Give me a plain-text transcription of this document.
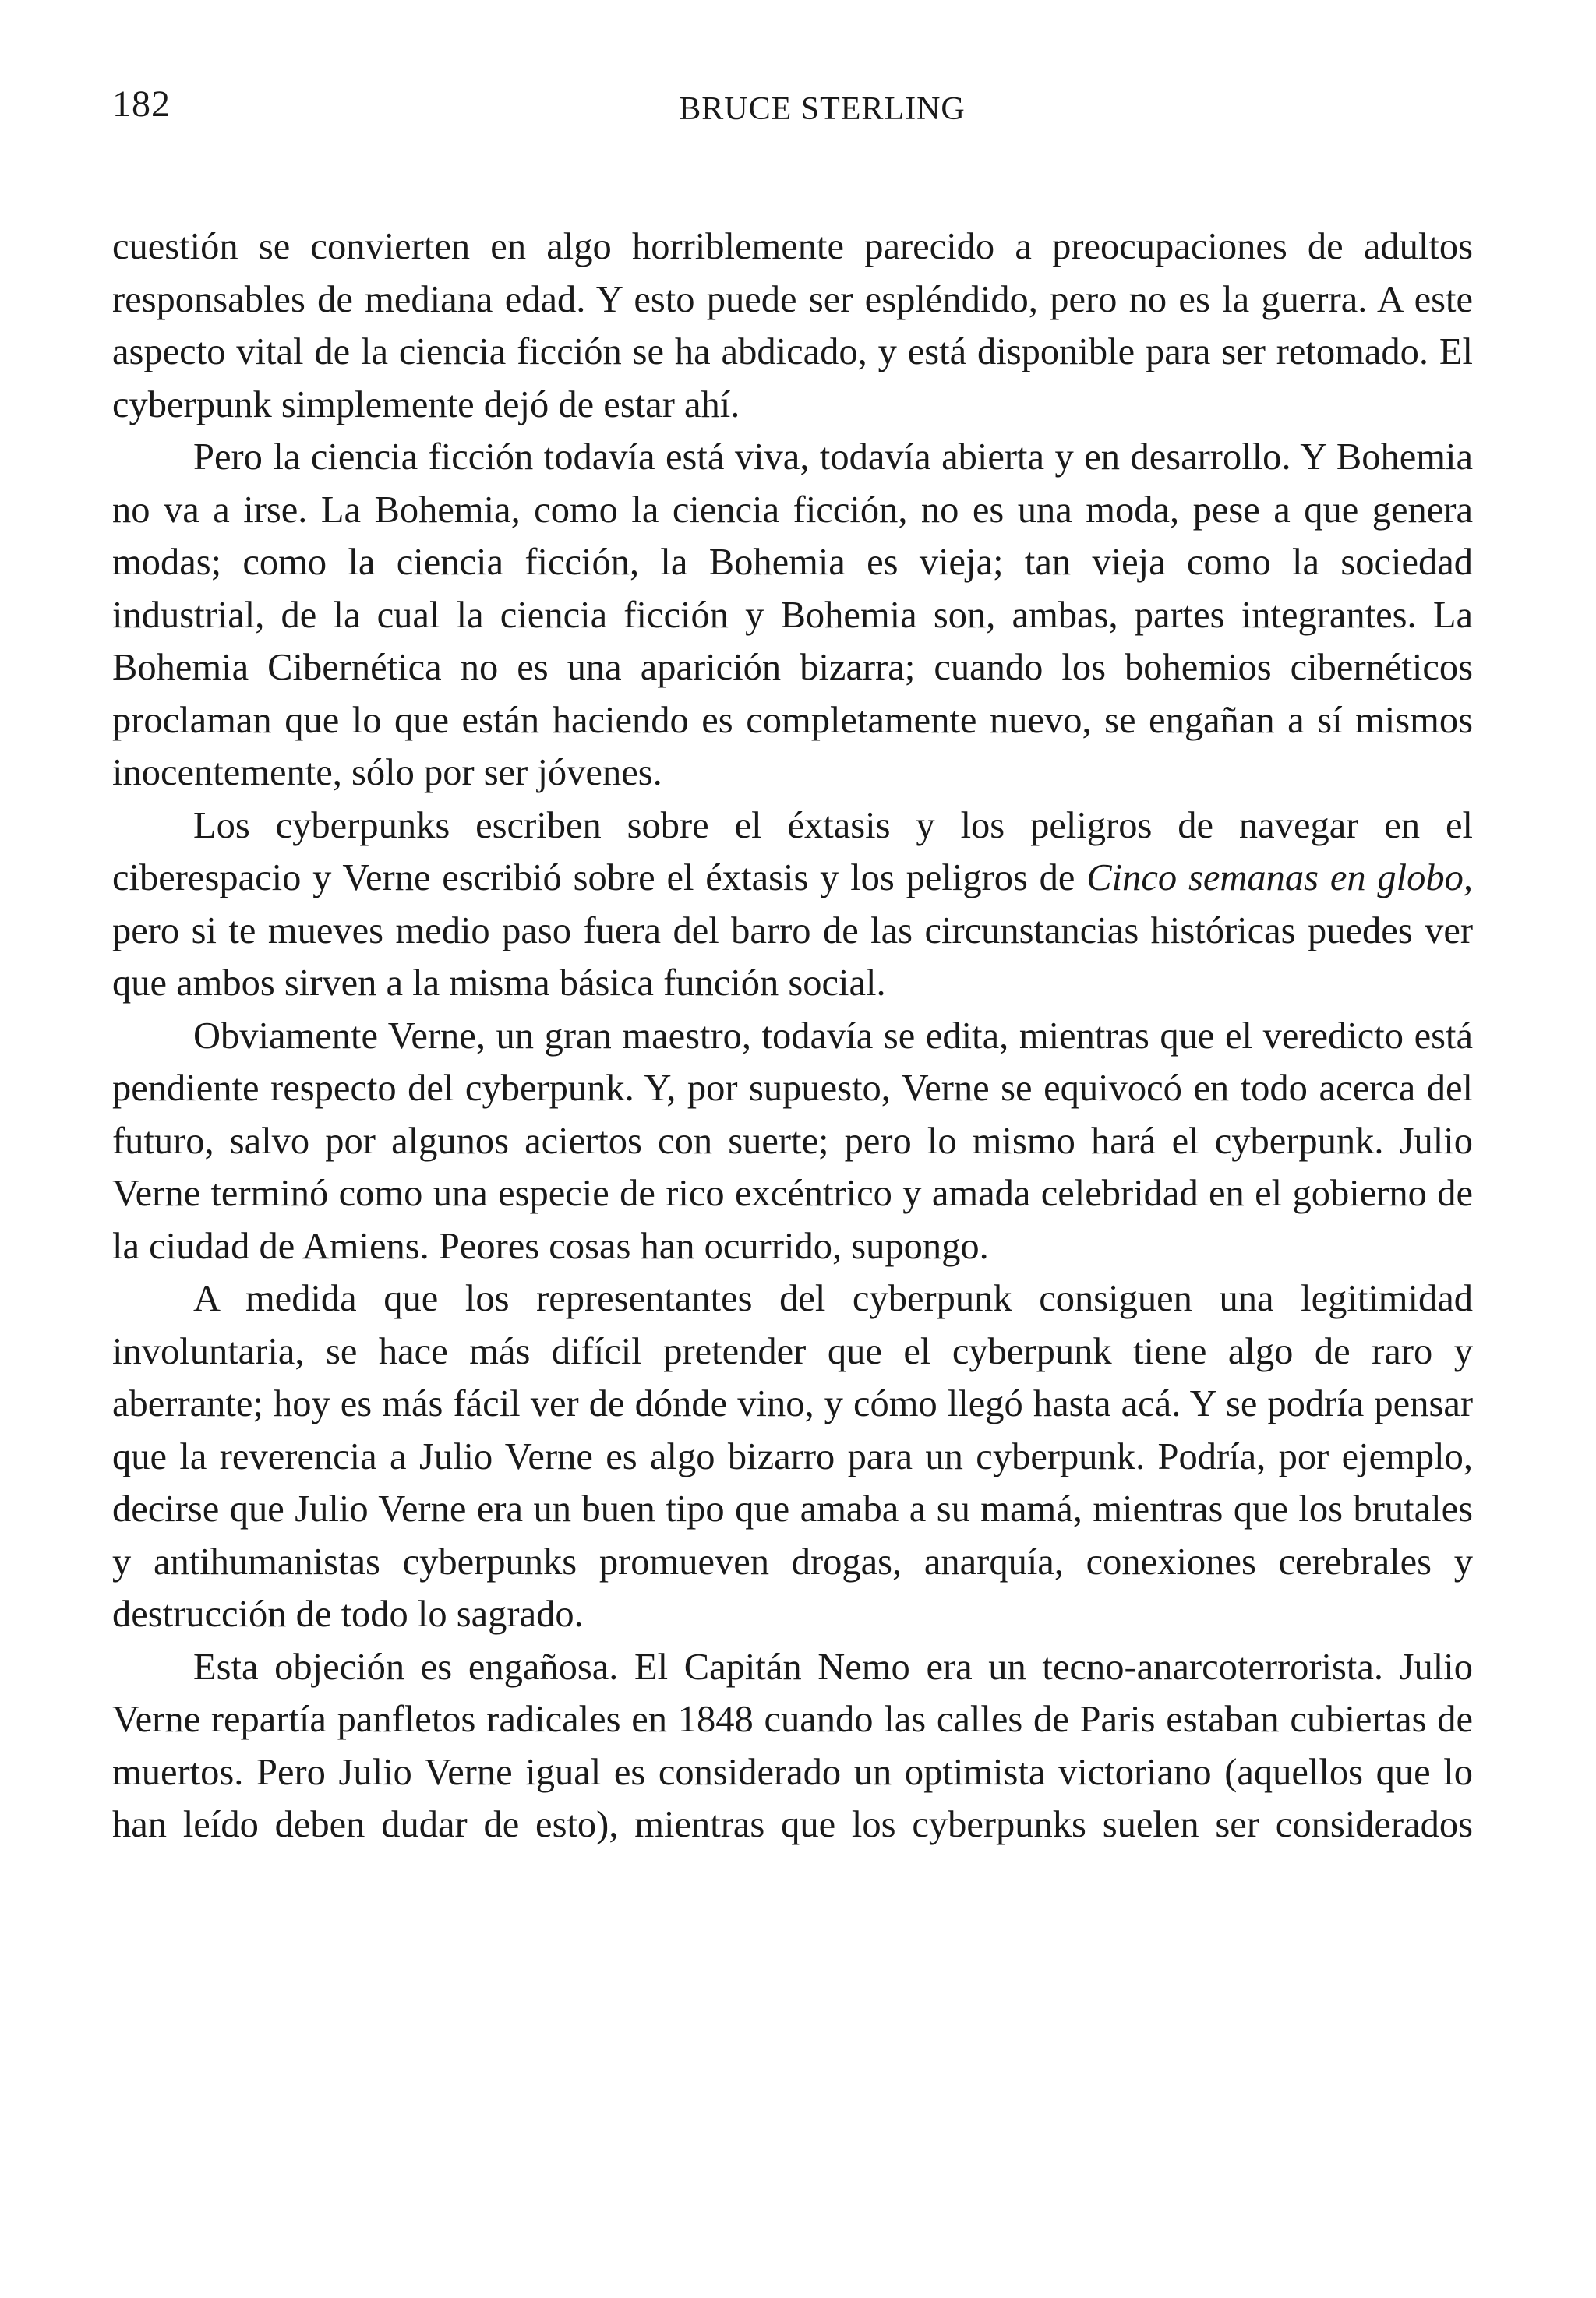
182	BRUCE STERLING

cuestión se convierten en algo horriblemente parecido a preocupaciones de adultos responsables de mediana edad. Y esto puede ser espléndido, pero no es la guerra. A este aspecto vital de la ciencia ficción se ha abdicado, y está disponible para ser retomado. El cyberpunk simplemente dejó de estar ahí.

Pero la ciencia ficción todavía está viva, todavía abierta y en desarrollo. Y Bohemia no va a irse. La Bohemia, como la ciencia ficción, no es una moda, pese a que genera modas; como la ciencia ficción, la Bohemia es vieja; tan vieja como la sociedad industrial, de la cual la ciencia ficción y Bohemia son, ambas, partes integrantes. La Bohemia Cibernética no es una aparición bizarra; cuando los bohemios cibernéticos proclaman que lo que están haciendo es completamente nuevo, se engañan a sí mismos inocentemente, sólo por ser jóvenes.

Los cyberpunks escriben sobre el éxtasis y los peligros de navegar en el ciberespacio y Verne escribió sobre el éxtasis y los peligros de Cinco semanas en globo, pero si te mueves medio paso fuera del barro de las circunstancias históricas puedes ver que ambos sirven a la misma básica función social.

Obviamente Verne, un gran maestro, todavía se edita, mientras que el veredicto está pendiente respecto del cyberpunk. Y, por supuesto, Verne se equivocó en todo acerca del futuro, salvo por algunos aciertos con suerte; pero lo mismo hará el cyberpunk. Julio Verne terminó como una especie de rico excéntrico y amada celebridad en el gobierno de la ciudad de Amiens. Peores cosas han ocurrido, supongo.

A medida que los representantes del cyberpunk consiguen una legitimidad involuntaria, se hace más difícil pretender que el cyberpunk tiene algo de raro y aberrante; hoy es más fácil ver de dónde vino, y cómo llegó hasta acá. Y se podría pensar que la reverencia a Julio Verne es algo bizarro para un cyberpunk. Podría, por ejemplo, decirse que Julio Verne era un buen tipo que amaba a su mamá, mientras que los brutales y antihumanistas cyberpunks promueven drogas, anarquía, conexiones cerebrales y destrucción de todo lo sagrado.

Esta objeción es engañosa. El Capitán Nemo era un tecno-anarcoterrorista. Julio Verne repartía panfletos radicales en 1848 cuando las calles de Paris estaban cubiertas de muertos. Pero Julio Verne igual es considerado un optimista victoriano (aquellos que lo han leído deben dudar de esto), mientras que los cyberpunks suelen ser considerados
